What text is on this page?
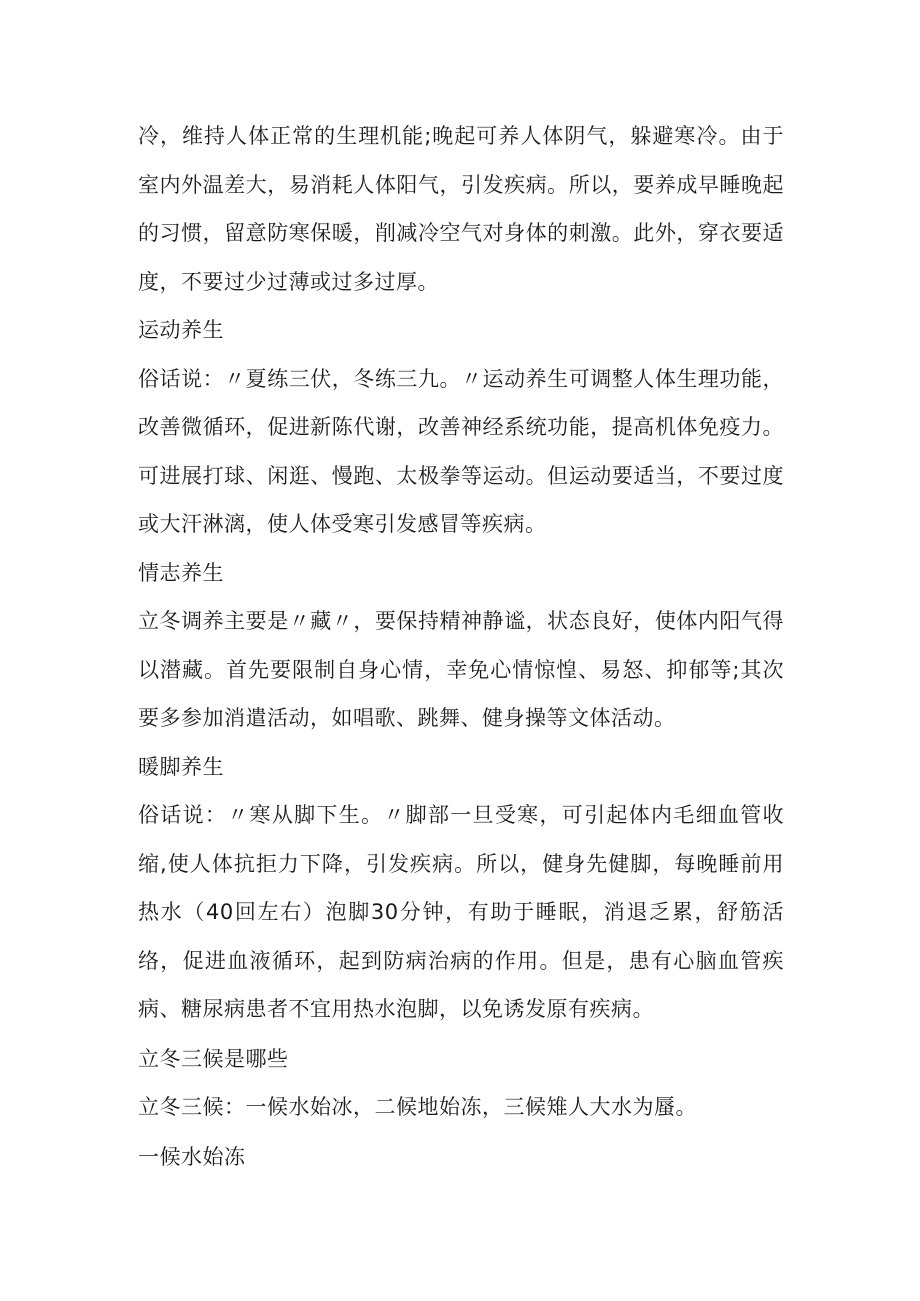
冷，维持人体正常的生理机能;晚起可养人体阴气，躲避寒冷。由于室内外温差大，易消耗人体阳气，引发疾病。所以，要养成早睡晚起的习惯，留意防寒保暖，削减冷空气对身体的刺激。此外，穿衣要适度，不要过少过薄或过多过厚。

运动养生

俗话说：〃夏练三伏，冬练三九。〃运动养生可调整人体生理功能，改善微循环，促进新陈代谢，改善神经系统功能，提高机体免疫力。可进展打球、闲逛、慢跑、太极拳等运动。但运动要适当，不要过度或大汗淋漓，使人体受寒引发感冒等疾病。

情志养生

立冬调养主要是〃藏〃，要保持精神静谧，状态良好，使体内阳气得以潜藏。首先要限制自身心情，幸免心情惊惶、易怒、抑郁等;其次要多参加消遣活动，如唱歌、跳舞、健身操等文体活动。

暖脚养生

俗话说：〃寒从脚下生。〃脚部一旦受寒，可引起体内毛细血管收缩,使人体抗拒力下降，引发疾病。所以，健身先健脚，每晚睡前用热水（40回左右）泡脚30分钟，有助于睡眠，消退乏累，舒筋活络，促进血液循环，起到防病治病的作用。但是，患有心脑血管疾病、糖尿病患者不宜用热水泡脚，以免诱发原有疾病。

立冬三候是哪些

立冬三候：一候水始冰，二候地始冻，三候雉人大水为蜃。

一候水始冻
